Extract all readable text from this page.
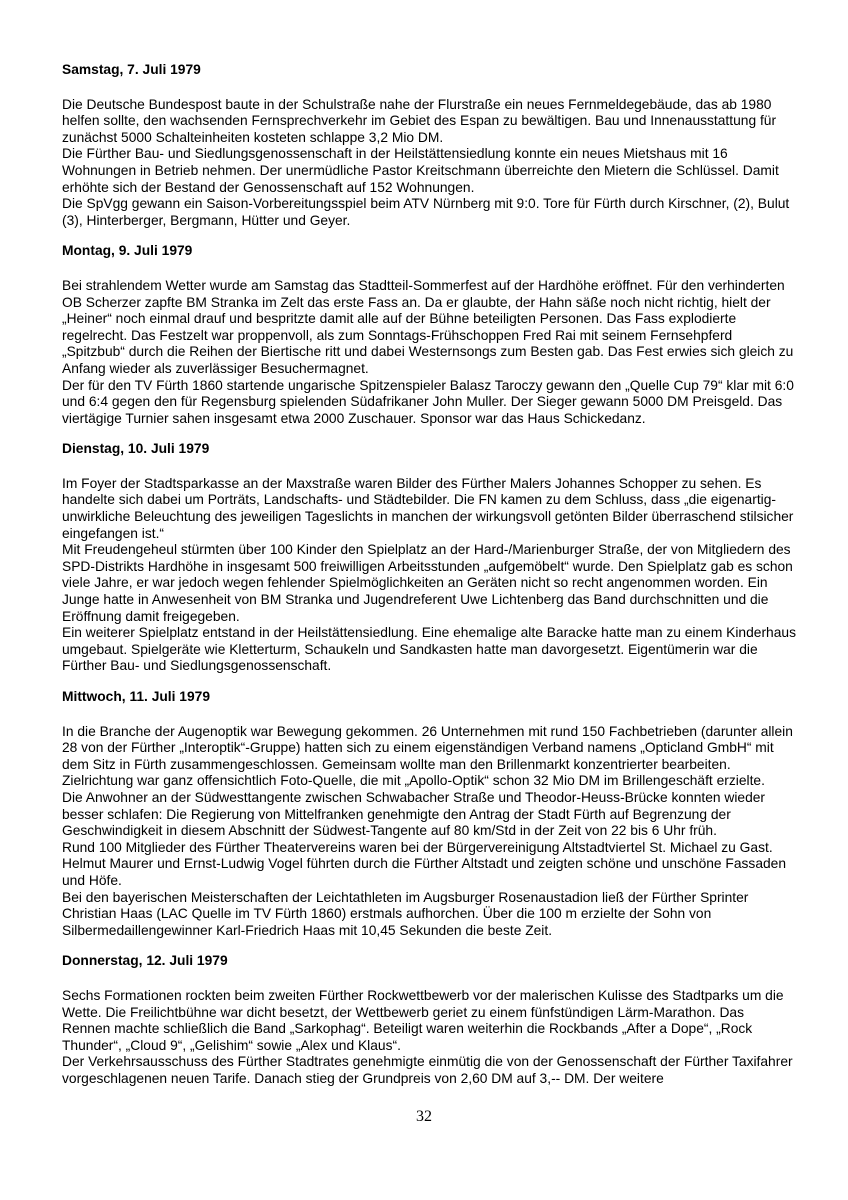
Samstag, 7. Juli 1979
Die Deutsche Bundespost baute in der Schulstraße nahe der Flurstraße ein neues Fernmeldegebäude, das ab 1980 helfen sollte, den wachsenden Fernsprechverkehr im Gebiet des Espan zu bewältigen. Bau und Innenausstattung für zunächst 5000 Schalteinheiten kosteten schlappe 3,2 Mio DM.
Die Fürther Bau- und Siedlungsgenossenschaft in der Heilstättensiedlung konnte ein neues Mietshaus mit 16 Wohnungen in Betrieb nehmen. Der unermüdliche Pastor Kreitschmann überreichte den Mietern die Schlüssel. Damit erhöhte sich der Bestand der Genossenschaft auf 152 Wohnungen.
Die SpVgg gewann ein Saison-Vorbereitungsspiel beim ATV Nürnberg mit 9:0. Tore für Fürth durch Kirschner, (2), Bulut (3), Hinterberger, Bergmann, Hütter und Geyer.
Montag, 9. Juli 1979
Bei strahlendem Wetter wurde am Samstag das Stadtteil-Sommerfest auf der Hardhöhe eröffnet. Für den verhinderten OB Scherzer zapfte BM Stranka im Zelt das erste Fass an. Da er glaubte, der Hahn säße noch nicht richtig, hielt der „Heiner“ noch einmal drauf und bespritzte damit alle auf der Bühne beteiligten Personen. Das Fass explodierte regelrecht. Das Festzelt war proppenvoll, als zum Sonntags-Frühschoppen Fred Rai mit seinem Fernsehpferd „Spitzbub“ durch die Reihen der Biertische ritt und dabei Westernsongs zum Besten gab. Das Fest erwies sich gleich zu Anfang wieder als zuverlässiger Besuchermagnet.
Der für den TV Fürth 1860 startende ungarische Spitzenspieler Balasz Taroczy gewann den „Quelle Cup 79“ klar mit 6:0 und 6:4 gegen den für Regensburg spielenden Südafrikaner John Muller. Der Sieger gewann 5000 DM Preisgeld. Das viertägige Turnier sahen insgesamt etwa 2000 Zuschauer. Sponsor war das Haus Schickedanz.
Dienstag, 10. Juli 1979
Im Foyer der Stadtsparkasse an der Maxstraße waren Bilder des Fürther Malers Johannes Schopper zu sehen. Es handelte sich dabei um Porträts, Landschafts- und Städtebilder. Die FN kamen zu dem Schluss, dass „die eigenartig-unwirkliche Beleuchtung des jeweiligen Tageslichts in manchen der wirkungsvoll getönten Bilder überraschend stilsicher eingefangen ist.“
Mit Freudengeheul stürmten über 100 Kinder den Spielplatz an der Hard-/Marienburger Straße, der von Mitgliedern des SPD-Distrikts Hardhöhe in insgesamt 500 freiwilligen Arbeitsstunden „aufgemöbelt“ wurde. Den Spielplatz gab es schon viele Jahre, er war jedoch wegen fehlender Spielmöglichkeiten an Geräten nicht so recht angenommen worden. Ein Junge hatte in Anwesenheit von BM Stranka und Jugendreferent Uwe Lichtenberg das Band durchschnitten und die Eröffnung damit freigegeben.
Ein weiterer Spielplatz entstand in der Heilstättensiedlung. Eine ehemalige alte Baracke hatte man zu einem Kinderhaus umgebaut. Spielgeräte wie Kletterturm, Schaukeln und Sandkasten hatte man davorgesetzt. Eigentümerin war die Fürther Bau- und Siedlungsgenossenschaft.
Mittwoch, 11. Juli 1979
In die Branche der Augenoptik war Bewegung gekommen. 26 Unternehmen mit rund 150 Fachbetrieben (darunter allein 28 von der Fürther „Interoptik“-Gruppe) hatten sich zu einem eigenständigen Verband namens „Opticland GmbH“ mit dem Sitz in Fürth zusammengeschlossen. Gemeinsam wollte man den Brillenmarkt konzentrierter bearbeiten. Zielrichtung war ganz offensichtlich Foto-Quelle, die mit „Apollo-Optik“ schon 32 Mio DM im Brillengeschäft erzielte.
Die Anwohner an der Südwesttangente zwischen Schwabacher Straße und Theodor-Heuss-Brücke konnten wieder besser schlafen: Die Regierung von Mittelfranken genehmigte den Antrag der Stadt Fürth auf Begrenzung der Geschwindigkeit in diesem Abschnitt der Südwest-Tangente auf 80 km/Std in der Zeit von 22 bis 6 Uhr früh.
Rund 100 Mitglieder des Fürther Theatervereins waren bei der Bürgervereinigung Altstadtviertel St. Michael zu Gast. Helmut Maurer und Ernst-Ludwig Vogel führten durch die Fürther Altstadt und zeigten schöne und unschöne Fassaden und Höfe.
Bei den bayerischen Meisterschaften der Leichtathleten im Augsburger Rosenaustadion ließ der Fürther Sprinter Christian Haas (LAC Quelle im TV Fürth 1860) erstmals aufhorchen. Über die 100 m erzielte der Sohn von Silbermedaillengewinner Karl-Friedrich Haas mit 10,45 Sekunden die beste Zeit.
Donnerstag, 12. Juli 1979
Sechs Formationen rockten beim zweiten Fürther Rockwettbewerb vor der malerischen Kulisse des Stadtparks um die Wette. Die Freilichtbühne war dicht besetzt, der Wettbewerb geriet zu einem fünfstündigen Lärm-Marathon. Das Rennen machte schließlich die Band „Sarkophag“. Beteiligt waren weiterhin die Rockbands „After a Dope“, „Rock Thunder“, „Cloud 9“, „Gelishim“ sowie „Alex und Klaus“.
Der Verkehrsausschuss des Fürther Stadtrates genehmigte einmütig die von der Genossenschaft der Fürther Taxifahrer vorgeschlagenen neuen Tarife. Danach stieg der Grundpreis von 2,60 DM auf 3,-- DM. Der weitere
32
